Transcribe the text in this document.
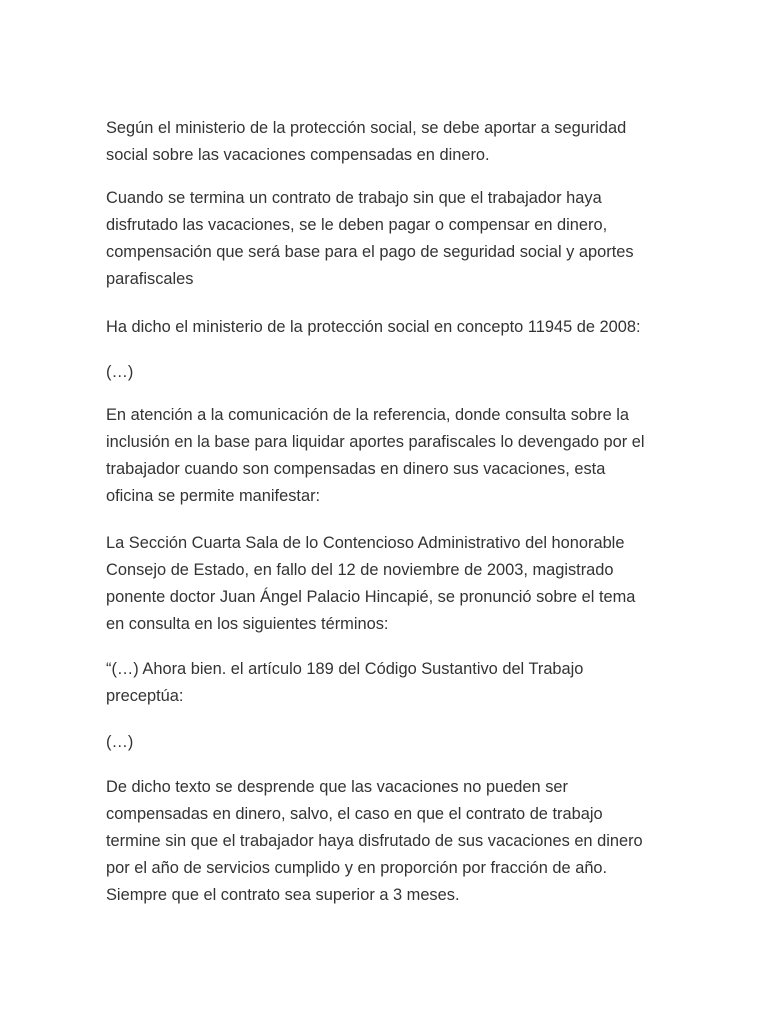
Según el ministerio de la protección social, se debe aportar a seguridad social sobre las vacaciones compensadas en dinero.

Cuando se termina un contrato de trabajo sin que el trabajador haya disfrutado las vacaciones, se le deben pagar o compensar en dinero, compensación que será base para el pago de seguridad social y aportes parafiscales

Ha dicho el ministerio de la protección social en concepto 11945 de 2008:

(…)

En atención a la comunicación de la referencia, donde consulta sobre la inclusión en la base para liquidar aportes parafiscales lo devengado por el trabajador cuando son compensadas en dinero sus vacaciones, esta oficina se permite manifestar:

La Sección Cuarta Sala de lo Contencioso Administrativo del honorable Consejo de Estado, en fallo del 12 de noviembre de 2003, magistrado ponente doctor Juan Ángel Palacio Hincapié, se pronunció sobre el tema en consulta en los siguientes términos:

“(…) Ahora bien. el artículo 189 del Código Sustantivo del Trabajo preceptúa:

(…)

De dicho texto se desprende que las vacaciones no pueden ser compensadas en dinero, salvo, el caso en que el contrato de trabajo termine sin que el trabajador haya disfrutado de sus vacaciones en dinero por el año de servicios cumplido y en proporción por fracción de año. Siempre que el contrato sea superior a 3 meses.
